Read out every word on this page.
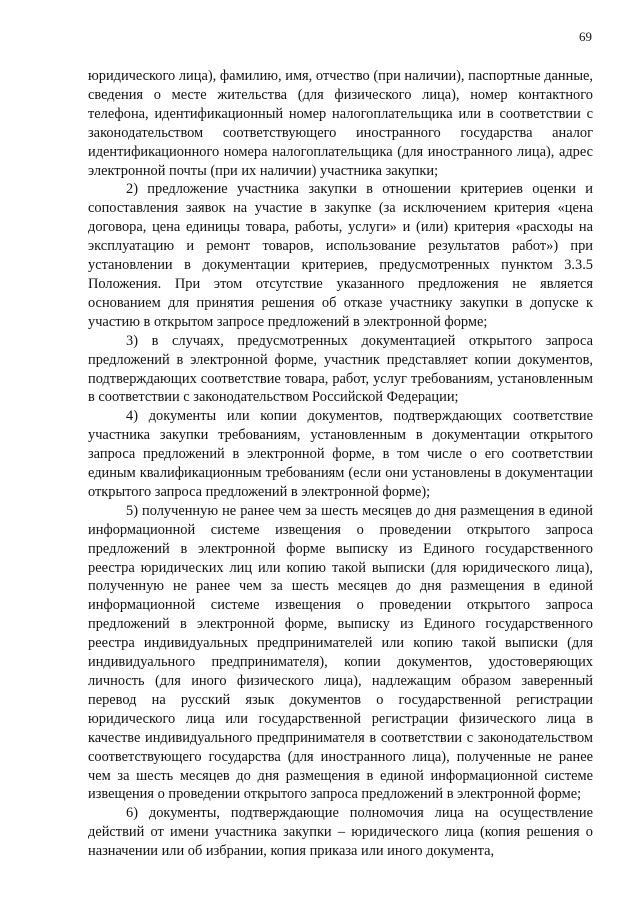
69

юридического лица), фамилию, имя, отчество (при наличии), паспортные данные, сведения о месте жительства (для физического лица), номер контактного телефона, идентификационный номер налогоплательщика или в соответствии с законодательством соответствующего иностранного государства аналог идентификационного номера налогоплательщика (для иностранного лица), адрес электронной почты (при их наличии) участника закупки;

2) предложение участника закупки в отношении критериев оценки и сопоставления заявок на участие в закупке (за исключением критерия «цена договора, цена единицы товара, работы, услуги» и (или) критерия «расходы на эксплуатацию и ремонт товаров, использование результатов работ») при установлении в документации критериев, предусмотренных пунктом 3.3.5 Положения. При этом отсутствие указанного предложения не является основанием для принятия решения об отказе участнику закупки в допуске к участию в открытом запросе предложений в электронной форме;

3) в случаях, предусмотренных документацией открытого запроса предложений в электронной форме, участник представляет копии документов, подтверждающих соответствие товара, работ, услуг требованиям, установленным в соответствии с законодательством Российской Федерации;

4) документы или копии документов, подтверждающих соответствие участника закупки требованиям, установленным в документации открытого запроса предложений в электронной форме, в том числе о его соответствии единым квалификационным требованиям (если они установлены в документации открытого запроса предложений в электронной форме);

5) полученную не ранее чем за шесть месяцев до дня размещения в единой информационной системе извещения о проведении открытого запроса предложений в электронной форме выписку из Единого государственного реестра юридических лиц или копию такой выписки (для юридического лица), полученную не ранее чем за шесть месяцев до дня размещения в единой информационной системе извещения о проведении открытого запроса предложений в электронной форме, выписку из Единого государственного реестра индивидуальных предпринимателей или копию такой выписки (для индивидуального предпринимателя), копии документов, удостоверяющих личность (для иного физического лица), надлежащим образом заверенный перевод на русский язык документов о государственной регистрации юридического лица или государственной регистрации физического лица в качестве индивидуального предпринимателя в соответствии с законодательством соответствующего государства (для иностранного лица), полученные не ранее чем за шесть месяцев до дня размещения в единой информационной системе извещения о проведении открытого запроса предложений в электронной форме;

6) документы, подтверждающие полномочия лица на осуществление действий от имени участника закупки – юридического лица (копия решения о назначении или об избрании, копия приказа или иного документа,
